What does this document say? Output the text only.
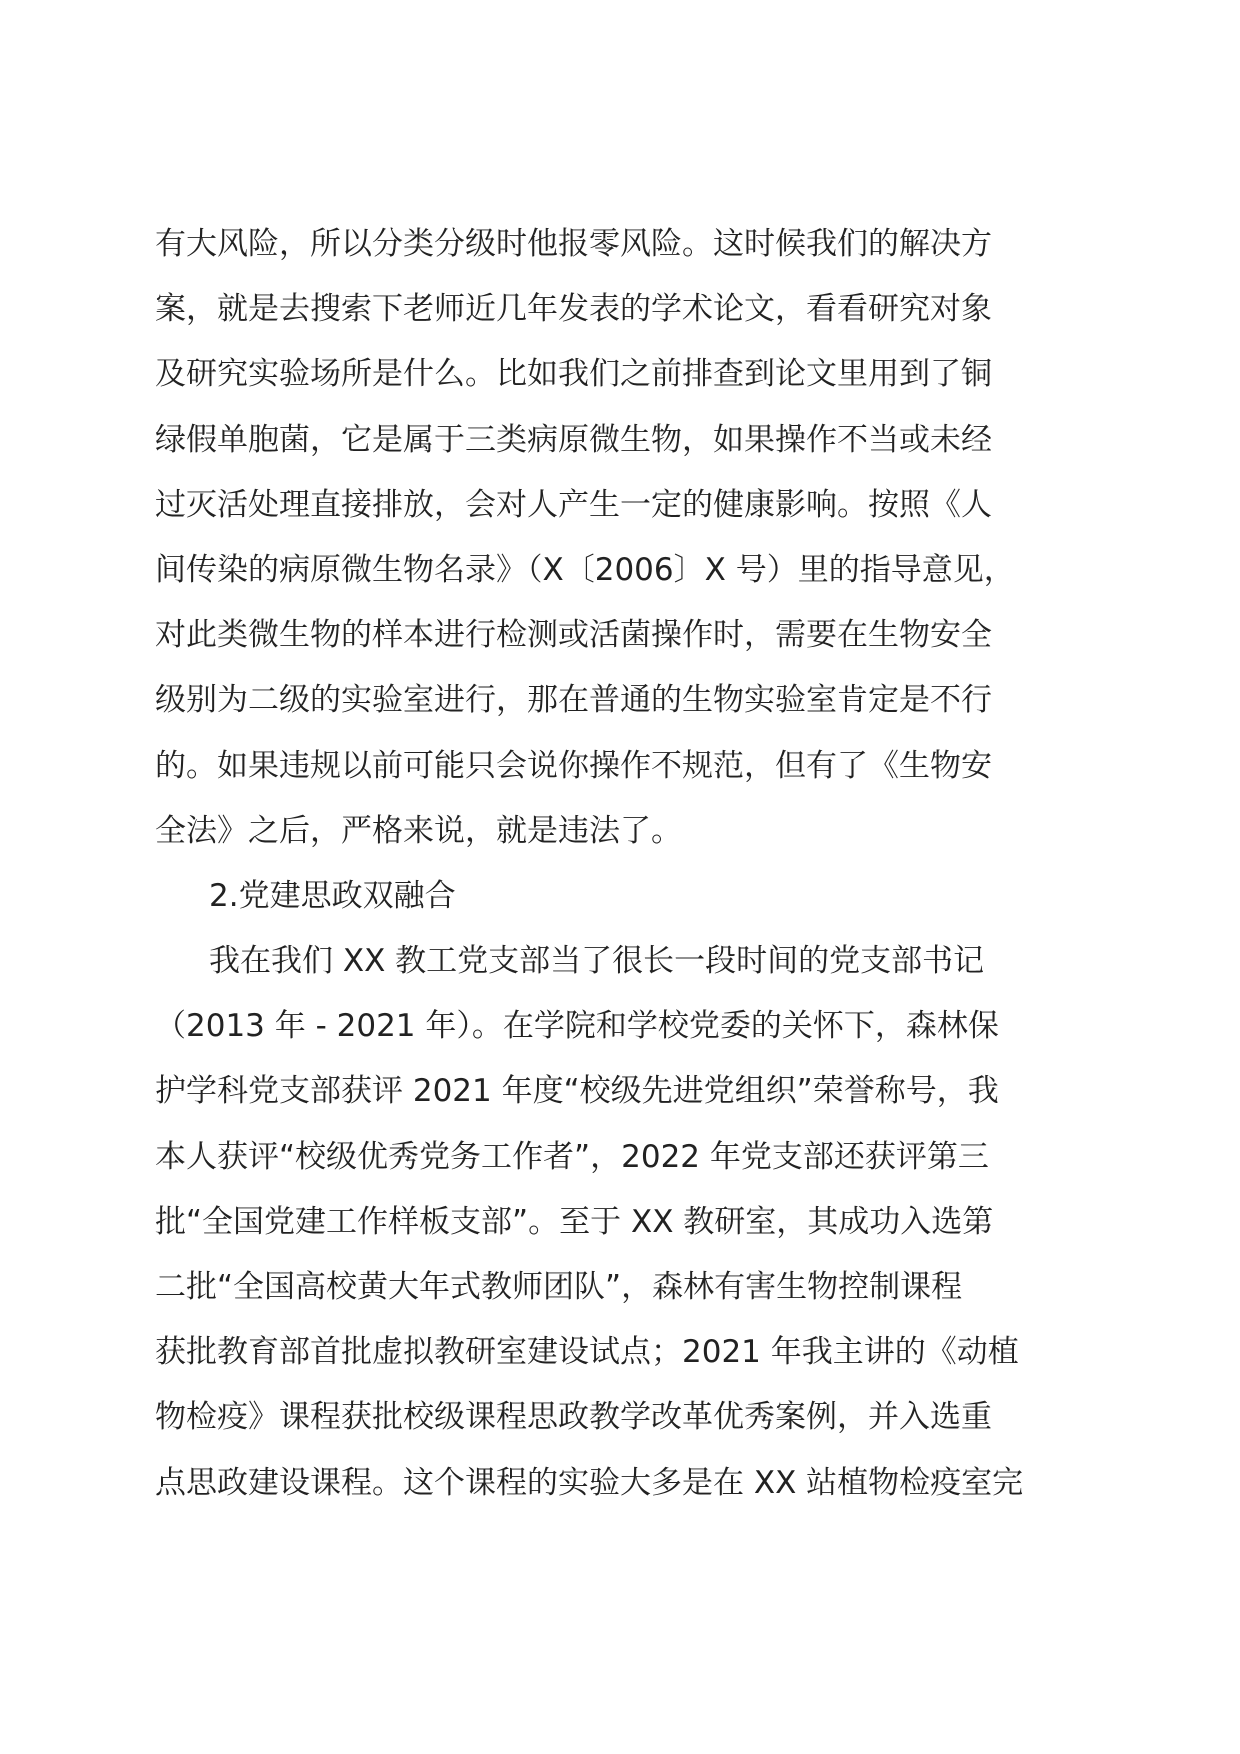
有大风险，所以分类分级时他报零风险。这时候我们的解决方
案，就是去搜索下老师近几年发表的学术论文，看看研究对象
及研究实验场所是什么。比如我们之前排查到论文里用到了铜
绿假单胞菌，它是属于三类病原微生物，如果操作不当或未经
过灭活处理直接排放，会对人产生一定的健康影响。按照《人
间传染的病原微生物名录》（X〔2006〕X 号）里的指导意见，
对此类微生物的样本进行检测或活菌操作时，需要在生物安全
级别为二级的实验室进行，那在普通的生物实验室肯定是不行
的。如果违规以前可能只会说你操作不规范，但有了《生物安
全法》之后，严格来说，就是违法了。
2.党建思政双融合
我在我们 XX 教工党支部当了很长一段时间的党支部书记
（2013 年 - 2021 年）。在学院和学校党委的关怀下，森林保
护学科党支部获评 2021 年度“校级先进党组织”荣誉称号，我
本人获评“校级优秀党务工作者”，2022 年党支部还获评第三
批“全国党建工作样板支部”。至于 XX 教研室，其成功入选第
二批“全国高校黄大年式教师团队”，森林有害生物控制课程
获批教育部首批虚拟教研室建设试点；2021 年我主讲的《动植
物检疫》课程获批校级课程思政教学改革优秀案例，并入选重
点思政建设课程。这个课程的实验大多是在 XX 站植物检疫室完
